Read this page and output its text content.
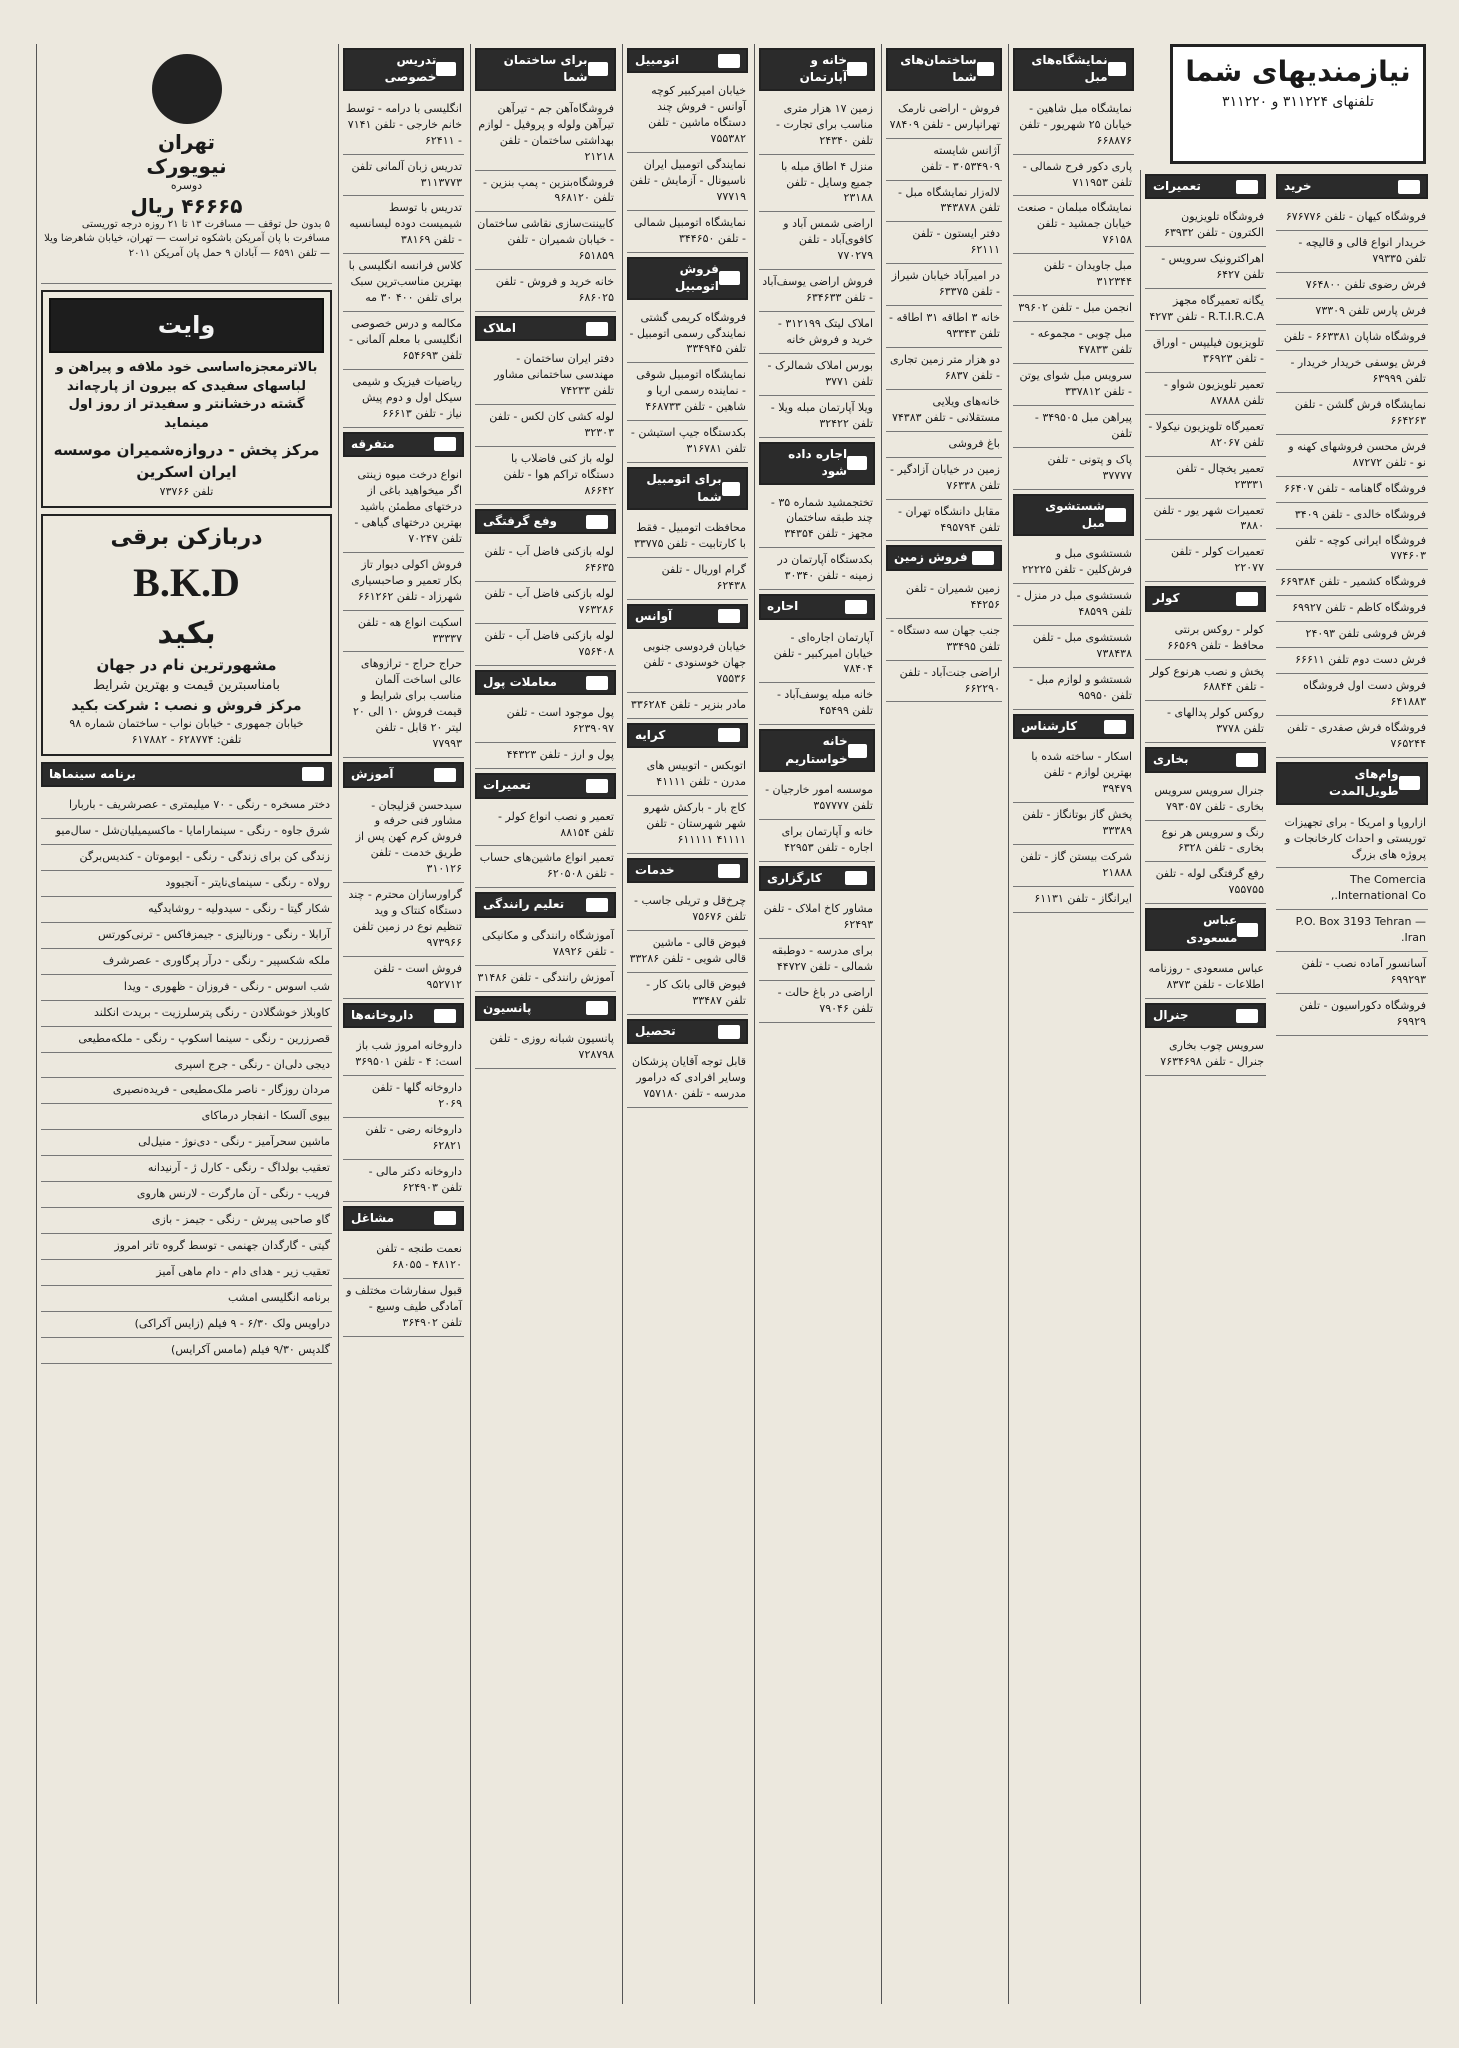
نیازمندیهای شما
تلفنهای ۳۱۱۲۲۴ و ۳۱۱۲۲۰
تهران
نیویورک
دوسره
۴۶۶۶۵ ریال
۵ بدون حل توقف — مسافرت ۱۳ تا ۲۱ روزه درجه توریستی مسافرت با پان آمریکن باشکوه تراست — تهران، خیابان شاهرضا ویلا — تلفن ۶۵۹۱ — آبادان ۹ حمل پان آمریکن ۲۰۱۱
وایت
بالاترمعجزه‌اساسی خود ملافه و پیراهن و لباسهای سفیدی که بیرون از پارچه‌اند گشته درخشانتر و سفیدتر از روز اول مینماید
مرکز پخش - دروازه‌شمیران موسسه ایران اسکرین
تلفن ۷۳۷۶۶
دربازکن برقی
B.K.D
بکید
مشهورترین نام در جهان
بامناسبترین قیمت و بهترین شرایط
مرکز فروش و نصب : شرکت بکید
خیابان جمهوری - خیابان نواب - ساختمان شماره ۹۸
تلفن: ۶۲۸۷۷۴ - ۶۱۷۸۸۲
برنامه سینماها
دختر مسخره - رنگی - ۷۰ میلیمتری - عصرشریف - باربارا
شرق جاوه - رنگی - سینمارامایا - ماکسیمیلیان‌شل - سال‌میو
زندگی کن برای زندگی - رنگی - ایوموتان - کندیس‌برگن
رولاه - رنگی - سینمای‌نایتر - آنجیوود
شکار گیتا - رنگی - سیدولیه - روشایدگیه
آرابلا - رنگی - ورنالیزی - جیمزفاکس - ترنی‌کورتس
ملکه شکسپیر - رنگی - درآر پرگاوری - عصرشرف
شب اسوس - رنگی - فروزان - ظهوری - ویدا
کاوبلاز خوشگلادن - رنگی پترسلرزیت - بریدت انکلند
قصرزرین - رنگی - سینما اسکوپ - رنگی - ملکه‌مطیعی
دیجی دلی‌ان - رنگی - جرج اسپری
مردان روزگار - ناصر ملک‌مطیعی - فریده‌نصیری
بیوی آلسکا - انفجار درماکای
ماشین سحرآمیز - رنگی - دی‌نوژ - منیل‌لی
تعقیب بولداگ - رنگی - کارل ژ - آرنیدانه
فریب - رنگی - آن مارگرت - لارنس هاروی
گاو صاحبی پیرش - رنگی - جیمز - بازی
گیتی - گارگدان جهنمی - توسط گروه تاتر امروز
تعقیب زیر - هدای دام - دام ماهی آمیز
برنامه انگلیسی امشب
دراویس ولک ۶/۳۰ - ۹ فیلم (زایس آکراکی)
گلدپس ۹/۳۰ فیلم (مامس آکرایس)
تدریس خصوصی
انگلیسی با درامه - توسط خانم خارجی - تلفن ۷۱۴۱ - ۶۲۴۱۱
تدریس زبان آلمانی تلفن ۳۱۱۳۷۷۳
تدریس با توسط شیمیست دوده لیسانسیه - تلفن ۳۸۱۶۹
کلاس فرانسه انگلیسی با بهترین مناسب‌ترین سبک برای تلفن ۴۰۰ ۳۰ مه
مکالمه و درس خصوصی انگلیسی با معلم آلمانی - تلفن ۶۵۴۶۹۳
ریاضیات فیزیک و شیمی سیکل اول و دوم پیش نیاز - تلفن ۶۶۶۱۳
متفرقه
انواع درخت میوه زینتی اگر میخواهید باغی از درختهای مطمئن باشید بهترین درختهای گیاهی - تلفن ۷۰۲۴۷
فروش اکولی دیوار تاز بکار تعمیر و صاحبسیاری شهرزاد - تلفن ۶۶۱۲۶۲
اسکیت انواع هه - تلفن ۳۳۳۳۷
حراج حراج - ترازوهای عالی اساخت آلمان مناسب برای شرایط و قیمت فروش ۱۰ الی ۲۰ لیتر ۲۰ قابل - تلفن ۷۷۹۹۳
آموزش
سیدحسن قزلیجان - مشاور فنی حرفه و فروش کرم کهن پس از طریق خدمت - تلفن ۳۱۰۱۲۶
گراورسازان محترم - چند دستگاه کنتاک و وید تنظیم نوع در زمین تلفن ۹۷۳۹۶۶
فروش است - تلفن ۹۵۲۷۱۲
داروخانه‌ها
داروخانه امروز شب باز است: ۴ - تلفن ۳۶۹۵۰۱
داروخانه گلها - تلفن ۲۰۶۹
داروخانه رضی - تلفن ۶۲۸۲۱
داروخانه دکتر مالی - تلفن ۶۲۴۹۰۳
مشاغل
نعمت طنجه - تلفن ۴۸۱۲۰ - ۶۸۰۵۵
قبول سفارشات مختلف و آمادگی طیف وسیع - تلفن ۳۶۴۹۰۲
برای ساختمان شما
فروشگاه‌آهن جم - تیرآهن تیرآهن ولوله و پروفیل - لوازم بهداشتی ساختمان - تلفن ۲۱۲۱۸
فروشگاه‌بنزین - پمپ بنزین - تلفن ۹۶۸۱۲۰
کابیننت‌سازی نقاشی ساختمان - خیابان شمیران - تلفن ۶۵۱۸۵۹
خانه خرید و فروش - تلفن ۶۸۶۰۲۵
املاک
دفتر ایران ساختمان - مهندسی ساختمانی مشاور تلفن ۷۴۲۳۳
لوله کشی کان لکس - تلفن ۳۲۳۰۳
لوله باز کنی فاضلاب با دستگاه تراکم هوا - تلفن ۸۶۶۴۲
وفع گرفتگی
لوله بازکنی فاضل آب - تلفن ۶۴۶۳۵
لوله بازکنی فاضل آب - تلفن ۷۶۳۲۸۶
لوله بازکنی فاضل آب - تلفن ۷۵۶۴۰۸
معاملات پول
پول موجود است - تلفن ۶۲۳۹۰۹۷
پول و ارز - تلفن ۴۴۳۲۳
تعمیرات
تعمیر و نصب انواع کولر - تلفن ۸۸۱۵۴
تعمیر انواع ماشین‌های حساب - تلفن ۶۲۰۵۰۸
تعلیم رانندگی
آموزشگاه رانندگی و مکانیکی - تلفن ۷۸۹۲۶
آموزش رانندگی - تلفن ۳۱۴۸۶
پانسیون
پانسیون شبانه روزی - تلفن ۷۲۸۷۹۸
اتومبیل
خیابان امیرکبیر کوچه آوانس - فروش چند دستگاه ماشین - تلفن ۷۵۵۳۸۲
نمایندگی اتومبیل ایران ناسیونال - آزمایش - تلفن ۷۷۷۱۹
نمایشگاه اتومبیل شمالی - تلفن ۳۴۴۶۵۰
فروش اتومبیل
فروشگاه کریمی گشتی نمایندگی رسمی اتومبیل - تلفن ۳۳۴۹۴۵
نمایشگاه اتومبیل شوقی - نماینده رسمی اریا و شاهین - تلفن ۴۶۸۷۳۳
بکدستگاه جیپ استیشن - تلفن ۳۱۶۷۸۱
برای اتومبیل شما
محافظت اتومبیل - فقط با کارتابیت - تلفن ۳۳۷۷۵
گرام اوریال - تلفن ۶۲۴۳۸
آوانس
خیابان فردوسی جنوبی جهان خوسنودی - تلفن ۷۵۵۳۶
مادر بنزیر - تلفن ۳۳۶۲۸۴
کرایه
اتوبکس - اتوبیس های مدرن - تلفن ۴۱۱۱۱
کاج بار - بارکش شهرو شهر شهرستان - تلفن ۴۱۱۱۱ ۶۱۱۱۱۱
خدمات
چرخ‌قل و تریلی جاسب - تلفن ۷۵۶۷۶
فیوض قالی - ماشین قالی شویی - تلفن ۳۳۲۸۶
فیوض قالی بانک کار - تلفن ۳۳۴۸۷
تحصیل
قابل توجه آقایان پزشکان وسایر افرادی که درامور مدرسه - تلفن ۷۵۷۱۸۰
خانه و آپارتمان
زمین ۱۷ هزار متری مناسب برای تجارت - تلفن ۲۴۳۴۰
منزل ۴ اطاق مبله با جمیع وسایل - تلفن ۲۳۱۸۸
اراضی شمس آباد و کافوی‌آباد - تلفن ۷۷۰۲۷۹
فروش اراضی یوسف‌آباد - تلفن ۶۳۴۶۳۳
املاک لیتک ۳۱۲۱۹۹ - خرید و فروش خانه
بورس املاک شمالرک - تلفن ۳۷۷۱
ویلا آپارتمان مبله ویلا - تلفن ۳۲۴۲۲
اجاره داده شود
تختجمشید شماره ۳۵ - چند طبقه ساختمان مجهز - تلفن ۳۴۳۵۴
بکدستگاه آپارتمان در زمینه - تلفن ۳۰۳۴۰
احاره
آپارتمان اجاره‌ای - خیابان امیرکبیر - تلفن ۷۸۴۰۴
خانه مبله یوسف‌آباد - تلفن ۴۵۴۹۹
خانه خواستاریم
موسسه امور خارجیان - تلفن ۳۵۷۷۷۷
خانه و آپارتمان برای اجاره - تلفن ۴۲۹۵۳
کارگزاری
مشاور کاخ املاک - تلفن ۶۲۴۹۳
برای مدرسه - دوطبقه شمالی - تلفن ۴۴۷۲۷
اراضی در باغ حالت - تلفن ۷۹۰۴۶
ساختمان‌های شما
فروش - اراضی نارمک تهرانپارس - تلفن ۷۸۴۰۹
آژانس شایسته ۳۰۵۳۴۹۰۹ - تلفن
لاله‌زار نمایشگاه مبل - تلفن ۳۴۳۸۷۸
دفتر ایستون - تلفن ۶۲۱۱۱
در امیرآباد خیابان شیراز - تلفن ۶۳۳۷۵
خانه ۳ اطاقه ۳۱ اطاقه - تلفن ۹۳۳۴۳
دو هزار متر زمین تجاری - تلفن ۶۸۳۷
خانه‌های ویلایی مستقلانی - تلفن ۷۴۳۸۳
باغ فروشی
زمین در خیابان آزادگیر - تلفن ۷۶۳۳۸
مقابل دانشگاه تهران - تلفن ۴۹۵۷۹۴
فروش زمین
زمین شمیران - تلفن ۴۴۲۵۶
جنب جهان سه دستگاه - تلفن ۳۳۴۹۵
اراضی جنت‌آباد - تلفن ۶۶۲۲۹۰
نمایشگاه‌های مبل
نمایشگاه مبل شاهین - خیابان ۲۵ شهریور - تلفن ۶۶۸۸۷۶
پاری دکور فرح شمالی - تلفن ۷۱۱۹۵۳
نمایشگاه مبلمان - صنعت خیابان جمشید - تلفن ۷۶۱۵۸
مبل جاویدان - تلفن ۳۱۲۳۴۴
انجمن مبل - تلفن ۳۹۶۰۲
مبل چوبی - مجموعه - تلفن ۴۷۸۳۳
سرویس مبل شوای یوتن - تلفن ۳۳۷۸۱۲
پیراهن مبل ۳۴۹۵۰۵ - تلفن
پاک و پتونی - تلفن ۳۷۷۷۷
شستشوی مبل
شستشوی مبل و فرش‌کلین - تلفن ۲۲۲۲۵
شستشوی مبل در منزل - تلفن ۴۸۵۹۹
شستشوی مبل - تلفن ۷۳۸۴۳۸
شستشو و لوازم مبل - تلفن ۹۵۹۵۰
کارشناس
اسکار - ساخته شده با بهترین لوازم - تلفن ۳۹۴۷۹
پخش گاز بوتانگاز - تلفن ۳۳۳۸۹
شرکت بیستن گاز - تلفن ۲۱۸۸۸
ایرانگاز - تلفن ۶۱۱۳۱
تعمیرات
فروشگاه تلویزیون الکترون - تلفن ۶۳۹۳۲
اهراکترونیک سرویس - تلفن ۶۴۲۷
یگانه تعمیرگاه مجهز R.T.I.R.C.A - تلفن ۴۲۷۳
تلویزیون فیلیپس - اوراق - تلفن ۳۶۹۲۳
تعمیر تلویزیون شواو - تلفن ۸۷۸۸۸
تعمیرگاه تلویزیون نیکولا - تلفن ۸۲۰۶۷
تعمیر یخچال - تلفن ۲۳۳۳۱
تعمیرات شهر یور - تلفن ۳۸۸۰
تعمیرات کولر - تلفن ۲۲۰۷۷
کولر
کولر - روکس برنتی محافظ - تلفن ۶۶۵۶۹
پخش و نصب هرنوع کولر - تلفن ۶۸۸۴۴
روکس کولر پدالهای - تلفن ۳۷۷۸
بخاری
جنرال سرویس سرویس بخاری - تلفن ۷۹۳۰۵۷
رنگ و سرویس هر نوع بخاری - تلفن ۶۳۲۸
رفع گرفتگی لوله - تلفن ۷۵۵۷۵۵
عباس مسعودی
عباس مسعودی - روزنامه اطلاعات - تلفن ۸۳۷۳
جنرال
سرویس چوب بخاری جنرال - تلفن ۷۶۳۴۶۹۸
خرید
فروشگاه کیهان - تلفن ۶۷۶۷۷۶
خریدار انواع قالی و قالیچه - تلفن ۷۹۳۳۵
فرش رضوی تلفن ۷۶۴۸۰۰
فرش پارس تلفن ۷۳۳۰۹
فروشگاه شاپان ۶۶۳۳۸۱ - تلفن
فرش یوسفی خریدار خریدار - تلفن ۶۳۹۹۹
نمایشگاه فرش گلشن - تلفن ۶۶۴۲۶۳
فرش محسن فروشهای کهنه و نو - تلفن ۸۷۲۷۲
فروشگاه گاهنامه - تلفن ۶۶۴۰۷
فروشگاه خالدی - تلفن ۳۴۰۹
فروشگاه ایرانی کوچه - تلفن ۷۷۴۶۰۳
فروشگاه کشمیر - تلفن ۶۶۹۳۸۴
فروشگاه کاظم - تلفن ۶۹۹۲۷
فرش فروشی تلفن ۲۴۰۹۳
فرش دست دوم تلفن ۶۶۶۱۱
فروش دست اول فروشگاه ۶۴۱۸۸۳
فروشگاه فرش صفدری - تلفن ۷۶۵۲۴۴
وام‌های طویل‌المدت
ازاروپا و امریکا - برای تجهیزات توریستی و احداث کارخانجات و پروژه های بزرگ
The Comercia International Co.,
P.O. Box 3193 Tehran — Iran.
آسانسور آماده نصب - تلفن ۶۹۹۲۹۳
فروشگاه دکوراسیون - تلفن ۶۹۹۲۹
